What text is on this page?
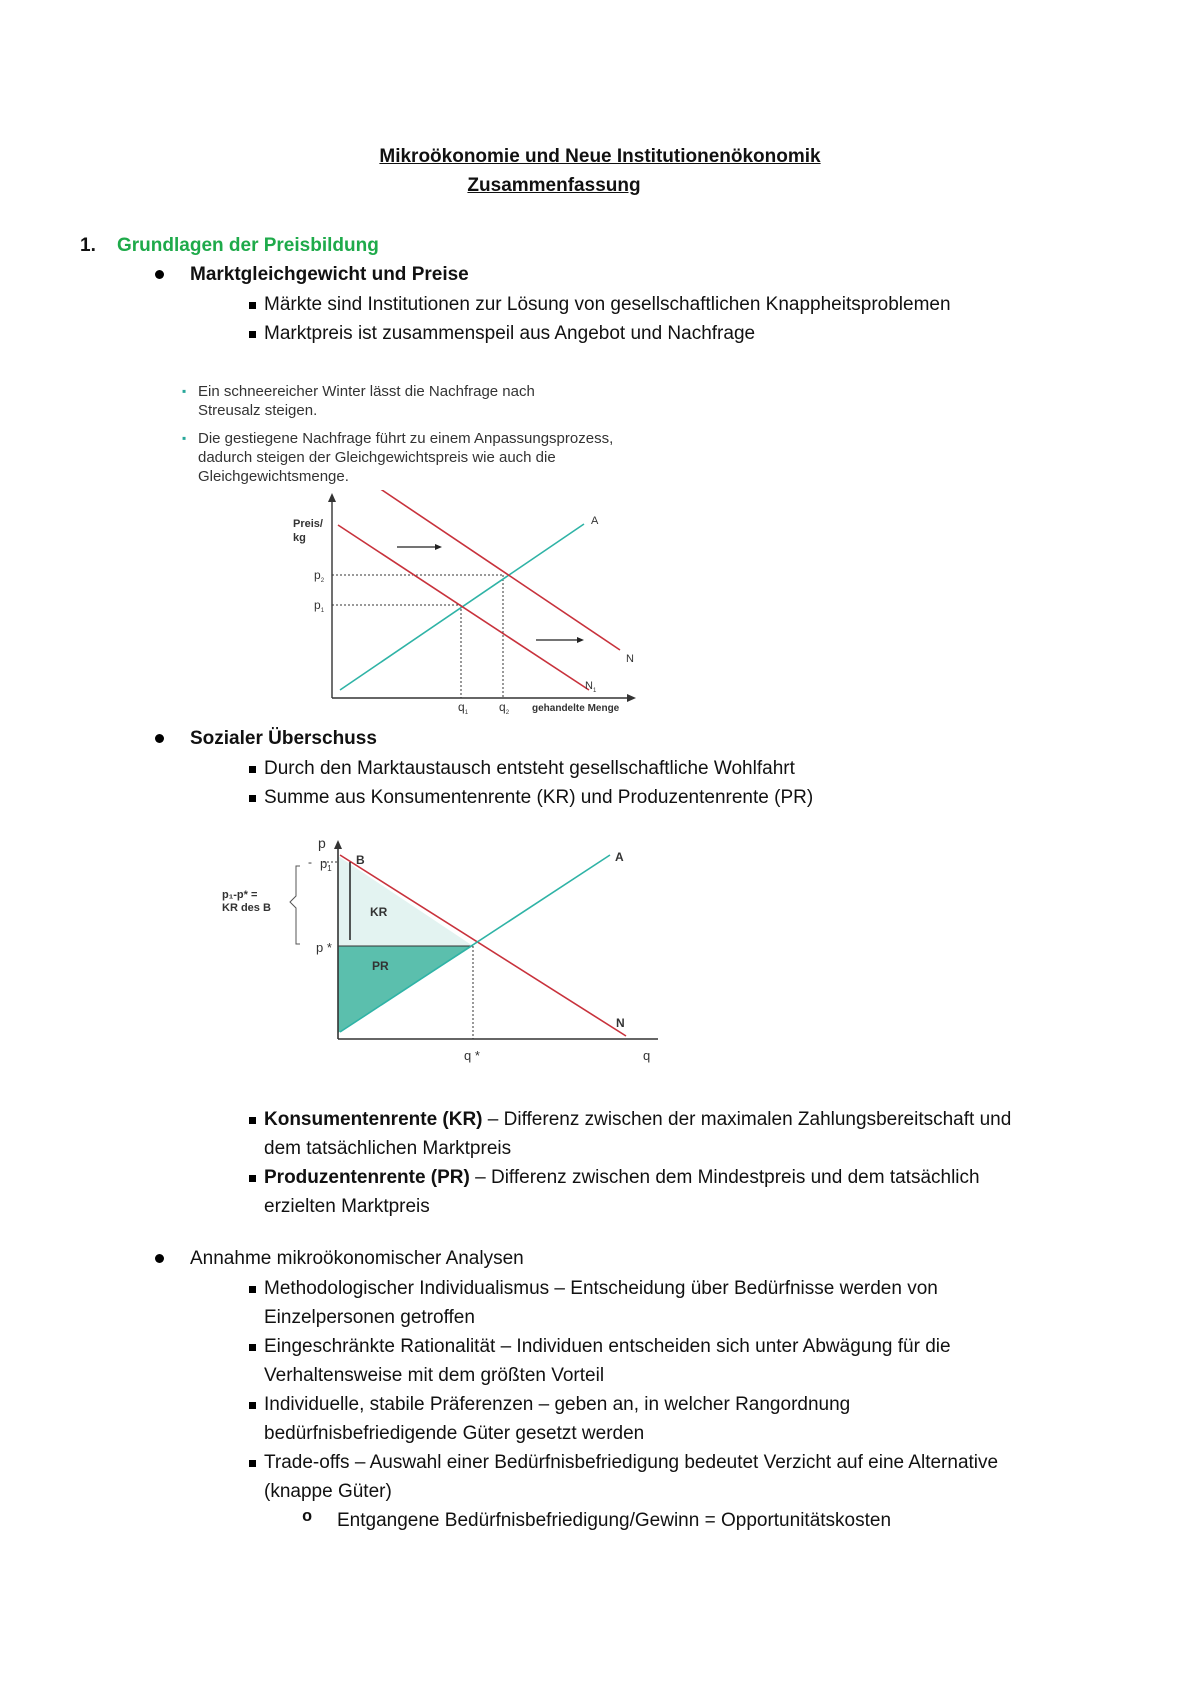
Mikroökonomie und Neue Institutionenökonomik
Zusammenfassung
1. Grundlagen der Preisbildung
Marktgleichgewicht und Preise
Märkte sind Institutionen zur Lösung von gesellschaftlichen Knappheitsproblemen
Marktpreis ist zusammenspeil aus Angebot und Nachfrage
▪ Ein schneereicher Winter lässt die Nachfrage nach
Streusalz steigen.
▪ Die gestiegene Nachfrage führt zu einem Anpassungsprozess,
dadurch steigen der Gleichgewichtspreis wie auch die
Gleichgewichtsmenge.
Preis/
kg
$p_2$
$p_1$
$q_1$	$q_2$ gehandelte Menge
A
N
$N_1$
Sozialer Überschuss
Durch den Marktaustausch entsteht gesellschaftliche Wohlfahrt
Summe aus Konsumentenrente (KR) und Produzentenrente (PR)
p
$p_1$
-
p *
q *	q
B
KR
PR
A
N
p₁-p* =
KR des B
Konsumentenrente (KR) – Differenz zwischen der maximalen Zahlungsbereitschaft und
dem tatsächlichen Marktpreis
Produzentenrente (PR) – Differenz zwischen dem Mindestpreis und dem tatsächlich
erzielten Marktpreis
Annahme mikroökonomischer Analysen
Methodologischer Individualismus – Entscheidung über Bedürfnisse werden von
Einzelpersonen getroffen
Eingeschränkte Rationalität – Individuen entscheiden sich unter Abwägung für die
Verhaltensweise mit dem größten Vorteil
Individuelle, stabile Präferenzen – geben an, in welcher Rangordnung
bedürfnisbefriedigende Güter gesetzt werden
Trade-offs – Auswahl einer Bedürfnisbefriedigung bedeutet Verzicht auf eine Alternative
(knappe Güter)
o Entgangene Bedürfnisbefriedigung/Gewinn = Opportunitätskosten
